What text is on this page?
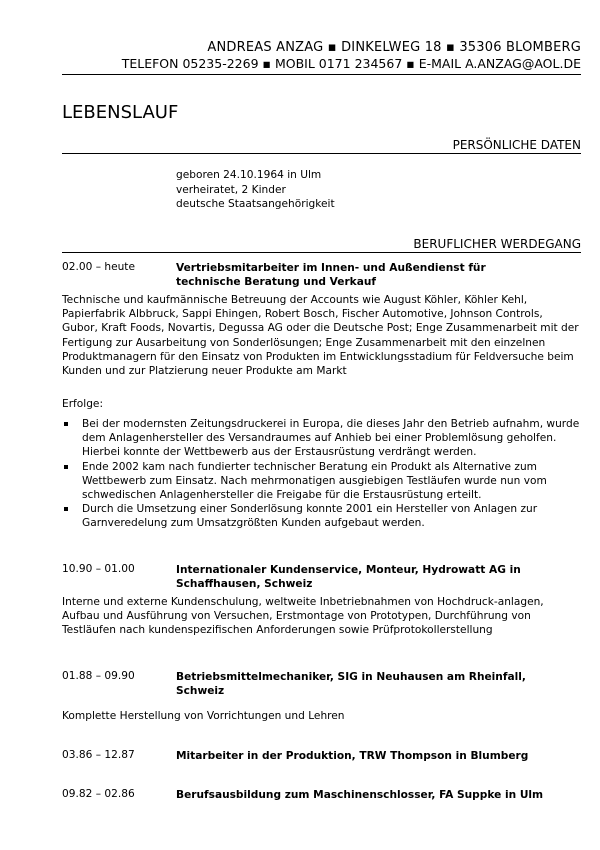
ANDREAS ANZAG ▪ DINKELWEG 18 ▪ 35306 BLOMBERG
TELEFON 05235-2269 ▪ MOBIL 0171 234567 ▪ E-MAIL A.ANZAG@AOL.DE
LEBENSLAUF
PERSÖNLICHE DATEN
geboren 24.10.1964 in Ulm
verheiratet, 2 Kinder
deutsche Staatsangehörigkeit
BERUFLICHER WERDEGANG
02.00 – heute	Vertriebsmitarbeiter im Innen- und Außendienst für technische Beratung und Verkauf
Technische und kaufmännische Betreuung der Accounts wie August Köhler, Köhler Kehl, Papierfabrik Albbruck, Sappi Ehingen, Robert Bosch, Fischer Automotive, Johnson Controls, Gubor, Kraft Foods, Novartis, Degussa AG oder die Deutsche Post; Enge Zusammenarbeit mit der Fertigung zur Ausarbeitung von Sonderlösungen; Enge Zusammenarbeit mit den einzelnen Produktmanagern für den Einsatz von Produkten im Entwicklungsstadium für Feldversuche beim Kunden und zur Platzierung neuer Produkte am Markt
Erfolge:
Bei der modernsten Zeitungsdruckerei in Europa, die dieses Jahr den Betrieb aufnahm, wurde dem Anlagenhersteller des Versandraumes auf Anhieb bei einer Problemlösung geholfen. Hierbei konnte der Wettbewerb aus der Erstausrüstung verdrängt werden.
Ende 2002 kam nach fundierter technischer Beratung ein Produkt als Alternative zum Wettbewerb zum Einsatz. Nach mehrmonatigen ausgiebigen Testläufen wurde nun vom schwedischen Anlagenhersteller die Freigabe für die Erstausrüstung erteilt.
Durch die Umsetzung einer Sonderlösung konnte 2001 ein Hersteller von Anlagen zur Garnveredelung zum Umsatzgrößten Kunden aufgebaut werden.
10.90 – 01.00	Internationaler Kundenservice, Monteur, Hydrowatt AG in Schaffhausen, Schweiz
Interne und externe Kundenschulung, weltweite Inbetriebnahmen von Hochdruck-anlagen, Aufbau und Ausführung von Versuchen, Erstmontage von Prototypen, Durchführung von Testläufen nach kundenspezifischen Anforderungen sowie Prüfprotokollerstellung
01.88 – 09.90	Betriebsmittelmechaniker, SIG in Neuhausen am Rheinfall, Schweiz
Komplette Herstellung von Vorrichtungen und Lehren
03.86 – 12.87	Mitarbeiter in der Produktion, TRW Thompson in Blumberg
09.82 – 02.86	Berufsausbildung zum Maschinenschlosser, FA Suppke in Ulm
